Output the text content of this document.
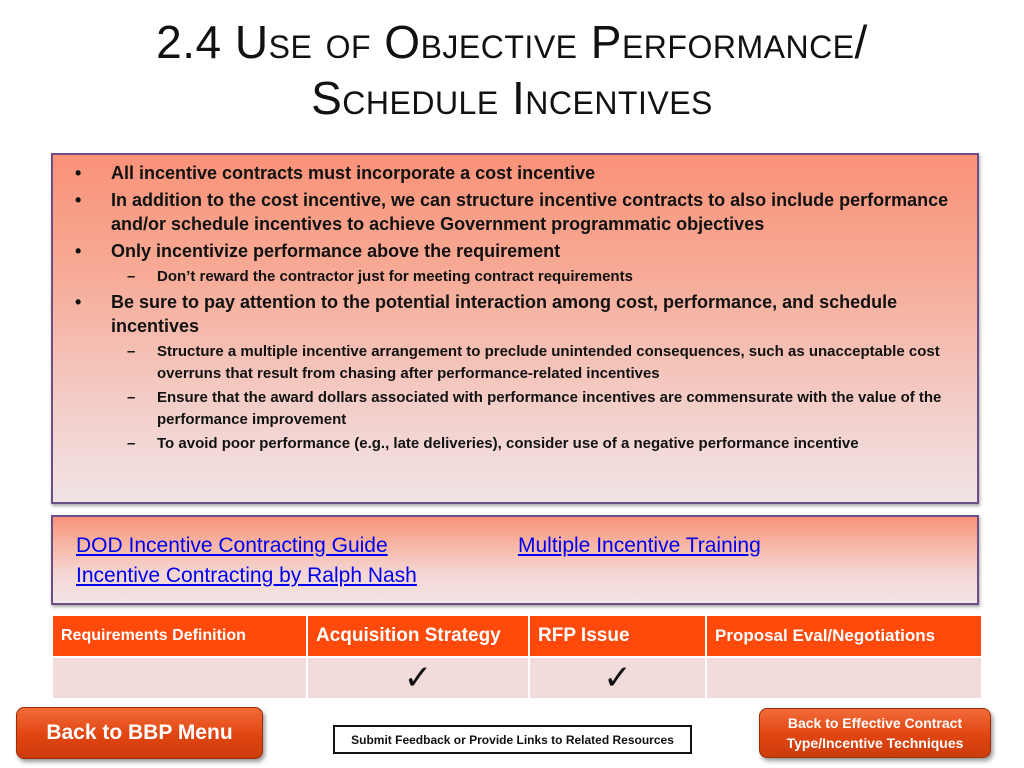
2.4 Use of Objective Performance/
Schedule Incentives
• All incentive contracts must incorporate a cost incentive
• In addition to the cost incentive, we can structure incentive contracts to also include performance and/or schedule incentives to achieve Government programmatic objectives
• Only incentivize performance above the requirement
– Don’t reward the contractor just for meeting contract requirements
• Be sure to pay attention to the potential interaction among cost, performance, and schedule incentives
– Structure a multiple incentive arrangement to preclude unintended consequences, such as unacceptable cost overruns that result from chasing after performance-related incentives
– Ensure that the award dollars associated with performance incentives are commensurate with the value of the performance improvement
– To avoid poor performance (e.g., late deliveries), consider use of a negative performance incentive
DOD Incentive Contracting Guide	Multiple Incentive Training
Incentive Contracting by Ralph Nash
Requirements Definition	Acquisition Strategy	RFP Issue	Proposal Eval/Negotiations
	✓	✓	
Back to BBP Menu	Submit Feedback or Provide Links to Related Resources
Back to Effective Contract
Type/Incentive Techniques
